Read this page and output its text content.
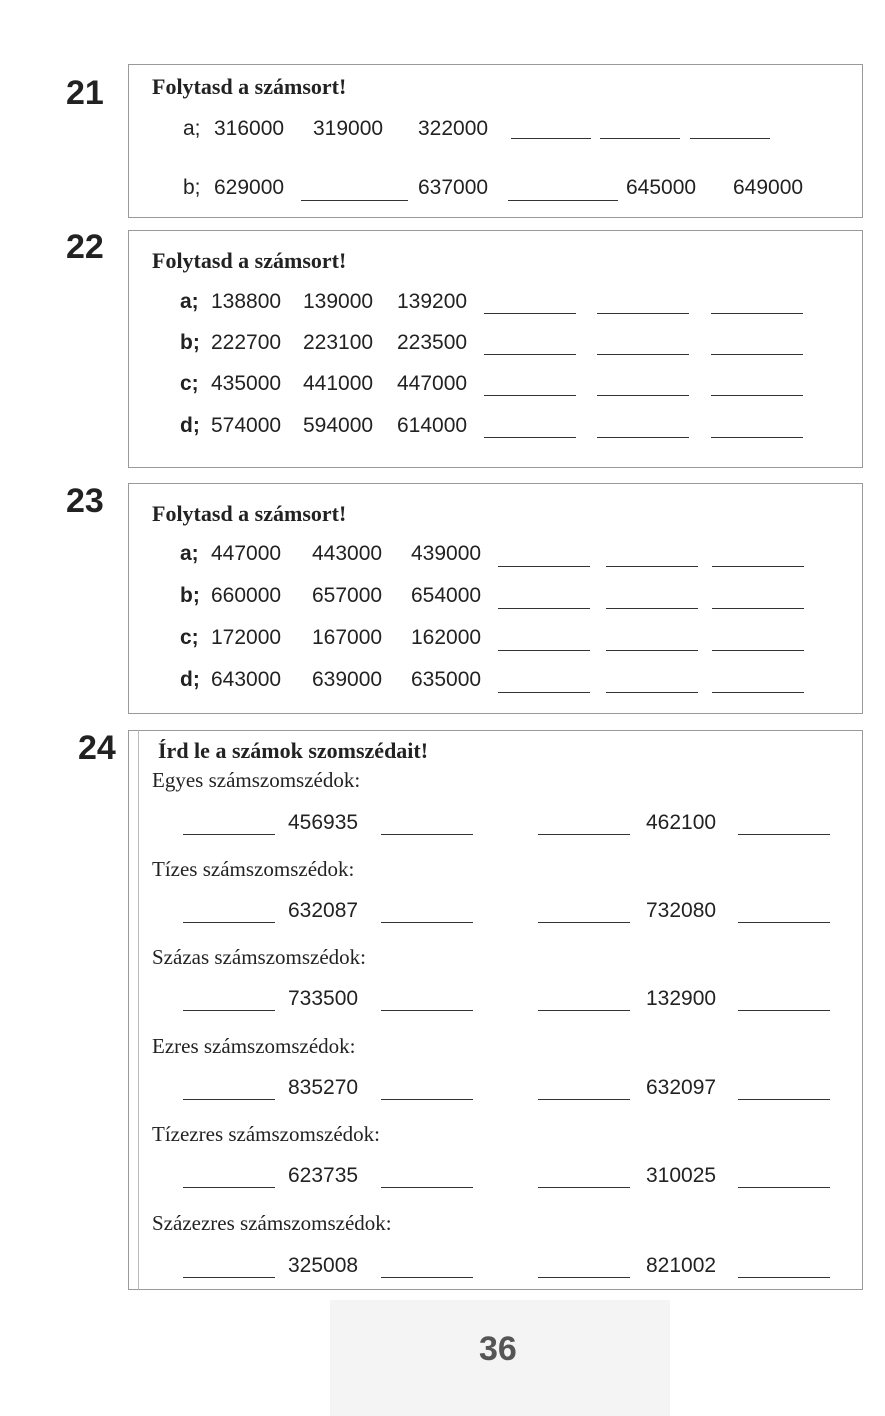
21 Folytasd a számsort!
a; 316000 319000 322000
b; 629000	637000	645000 649000
22 Folytasd a számsort!
a; 138800 139000 139200
b; 222700 223100 223500
c; 435000 441000 447000
d; 574000 594000 614000
23 Folytasd a számsort!
a; 447000 443000 439000
b; 660000 657000 654000
c; 172000 167000 162000
d; 643000 639000 635000
24 Írd le a számok szomszédait!
Egyes számszomszédok:
456935	462100
Tízes számszomszédok:
632087	732080
Százas számszomszédok:
733500	132900
Ezres számszomszédok:
835270	632097
Tízezres számszomszédok:
623735	310025
Százezres számszomszédok:
325008	821002
36
